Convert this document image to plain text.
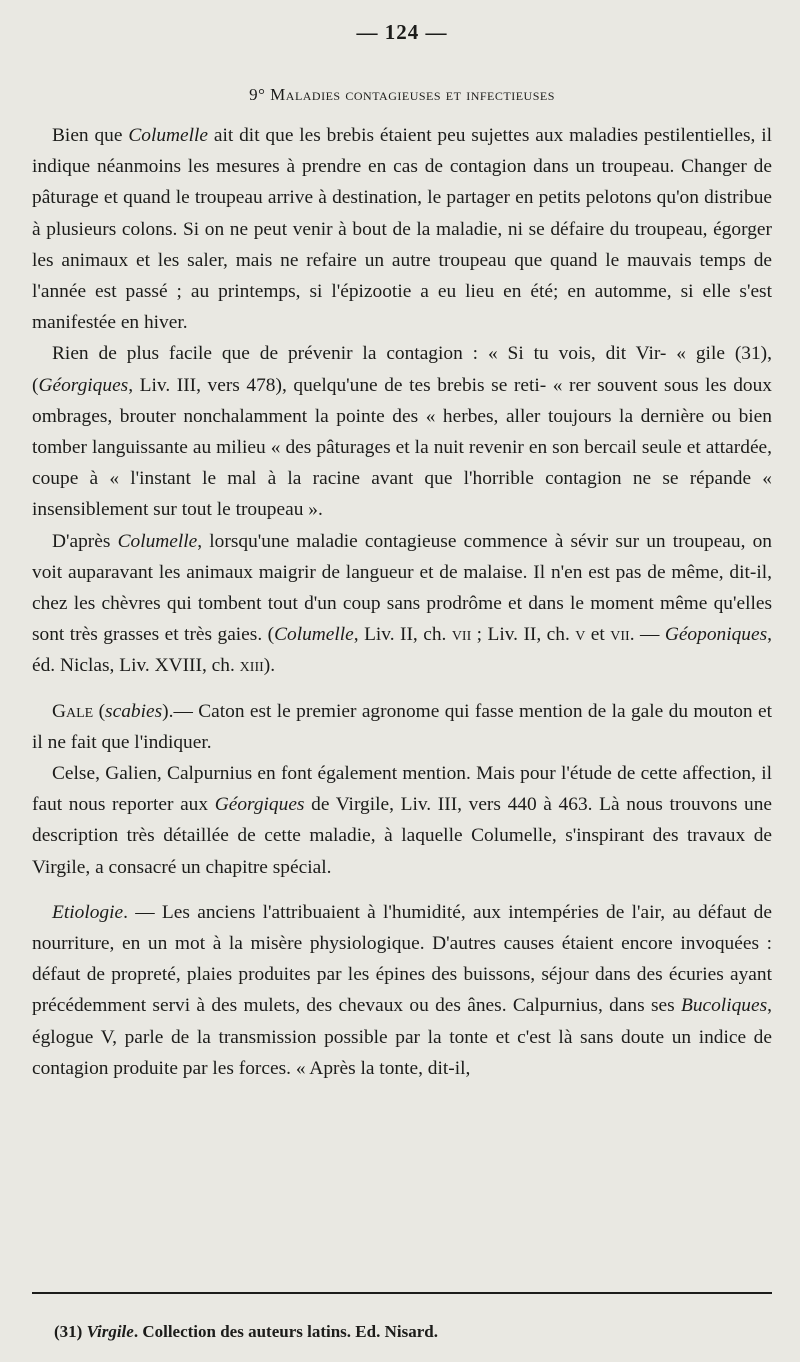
— 124 —
9° Maladies contagieuses et infectieuses

Bien que Columelle ait dit que les brebis étaient peu sujettes aux maladies pestilentielles, il indique néanmoins les mesures à prendre en cas de contagion dans un troupeau. Changer de pâturage et quand le troupeau arrive à destination, le partager en petits pelotons qu'on distribue à plusieurs colons. Si on ne peut venir à bout de la maladie, ni se défaire du troupeau, égorger les animaux et les saler, mais ne refaire un autre troupeau que quand le mauvais temps de l'année est passé ; au printemps, si l'épizootie a eu lieu en été; en automme, si elle s'est manifestée en hiver.

Rien de plus facile que de prévenir la contagion : « Si tu vois, dit Vir- « gile (31), (Géorgiques, Liv. III, vers 478), quelqu'une de tes brebis se reti- « rer souvent sous les doux ombrages, brouter nonchalamment la pointe des « herbes, aller toujours la dernière ou bien tomber languissante au milieu « des pâturages et la nuit revenir en son bercail seule et attardée, coupe à « l'instant le mal à la racine avant que l'horrible contagion ne se répande « insensiblement sur tout le troupeau ».

D'après Columelle, lorsqu'une maladie contagieuse commence à sévir sur un troupeau, on voit auparavant les animaux maigrir de langueur et de malaise. Il n'en est pas de même, dit-il, chez les chèvres qui tombent tout d'un coup sans prodrôme et dans le moment même qu'elles sont très grasses et très gaies. (Columelle, Liv. II, ch. vii ; Liv. II, ch. v et vii. — Géoponiques, éd. Niclas, Liv. XVIII, ch. xiii).

Gale (scabies).— Caton est le premier agronome qui fasse mention de la gale du mouton et il ne fait que l'indiquer.

Celse, Galien, Calpurnius en font également mention. Mais pour l'étude de cette affection, il faut nous reporter aux Géorgiques de Virgile, Liv. III, vers 440 à 463. Là nous trouvons une description très détaillée de cette maladie, à laquelle Columelle, s'inspirant des travaux de Virgile, a consacré un chapitre spécial.

Etiologie. — Les anciens l'attribuaient à l'humidité, aux intempéries de l'air, au défaut de nourriture, en un mot à la misère physiologique. D'autres causes étaient encore invoquées : défaut de propreté, plaies produites par les épines des buissons, séjour dans des écuries ayant précédemment servi à des mulets, des chevaux ou des ânes. Calpurnius, dans ses Bucoliques, églogue V, parle de la transmission possible par la tonte et c'est là sans doute un indice de contagion produite par les forces. « Après la tonte, dit-il,

(31) Virgile. Collection des auteurs latins. Ed. Nisard.
